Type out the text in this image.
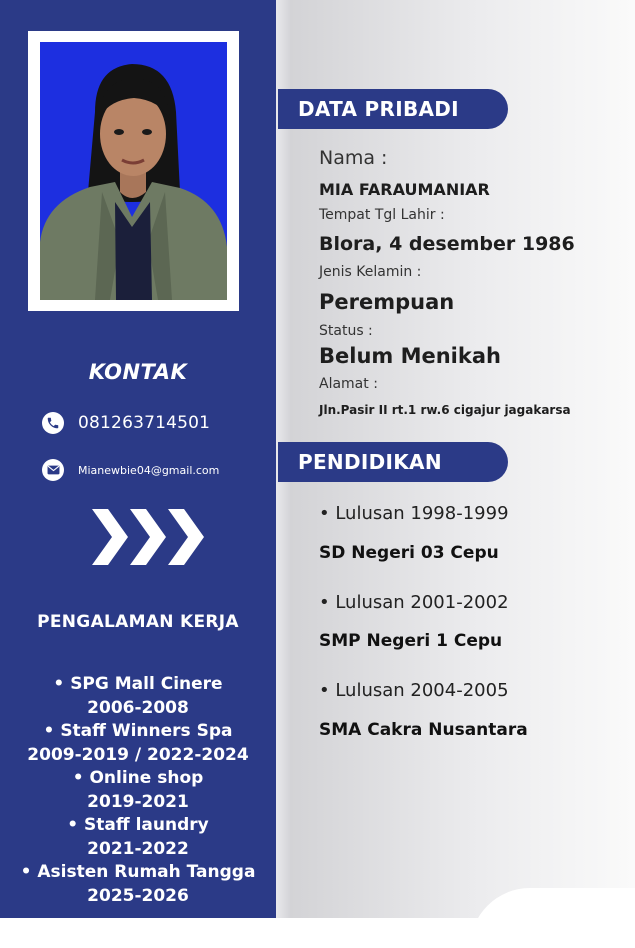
KONTAK
081263714501
Mianewbie04@gmail.com
PENGALAMAN KERJA
• SPG Mall Cinere
2006-2008
• Staff Winners Spa
2009-2019 / 2022-2024
• Online shop
2019-2021
• Staff laundry
2021-2022
• Asisten Rumah Tangga
2025-2026
DATA PRIBADI
Nama :
MIA FARAUMANIAR
Tempat Tgl Lahir :
Blora, 4 desember 1986
Jenis Kelamin :
Perempuan
Status :
Belum Menikah
Alamat :
Jln.Pasir II rt.1 rw.6 cigajur jagakarsa
PENDIDIKAN
• Lulusan 1998-1999
SD Negeri 03 Cepu
• Lulusan 2001-2002
SMP Negeri 1 Cepu
• Lulusan 2004-2005
SMA Cakra Nusantara
